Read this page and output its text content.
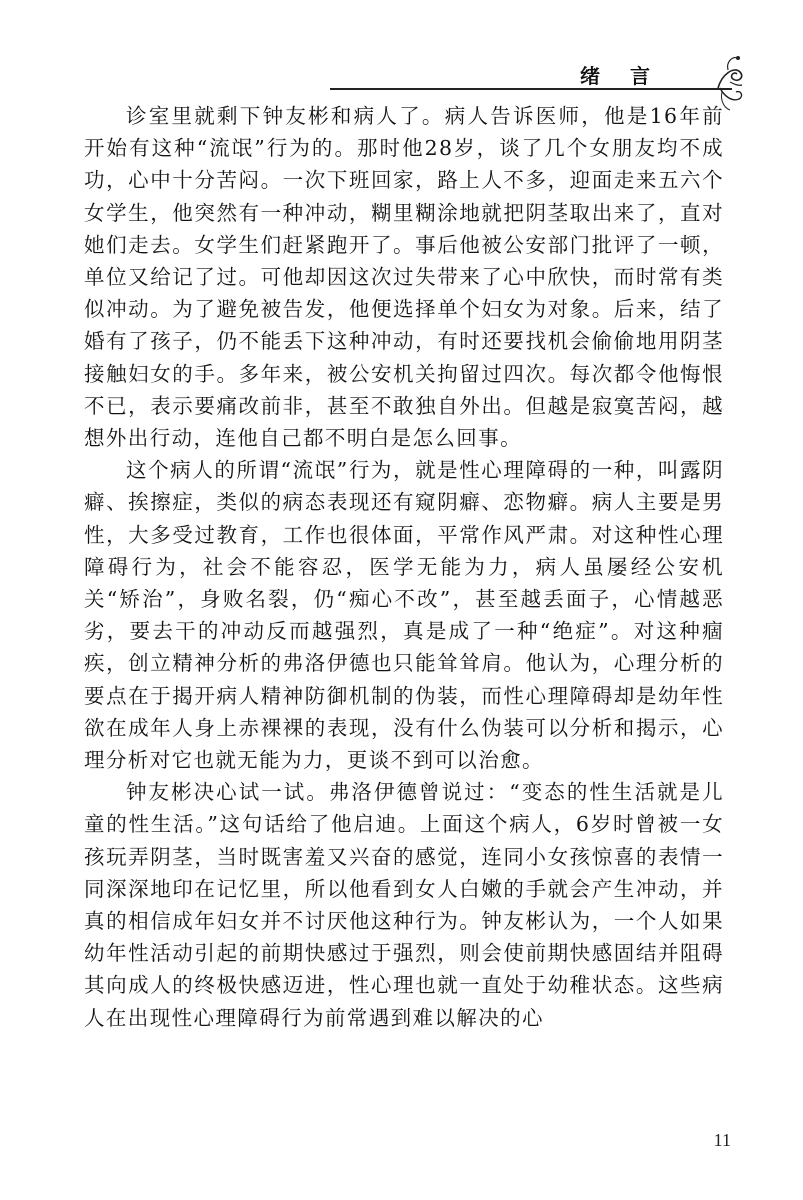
绪言

诊室里就剩下钟友彬和病人了。病人告诉医师，他是16年前开始有这种“流氓”行为的。那时他28岁，谈了几个女朋友均不成功，心中十分苦闷。一次下班回家，路上人不多，迎面走来五六个女学生，他突然有一种冲动，糊里糊涂地就把阴茎取出来了，直对她们走去。女学生们赶紧跑开了。事后他被公安部门批评了一顿，单位又给记了过。可他却因这次过失带来了心中欣快，而时常有类似冲动。为了避免被告发，他便选择单个妇女为对象。后来，结了婚有了孩子，仍不能丢下这种冲动，有时还要找机会偷偷地用阴茎接触妇女的手。多年来，被公安机关拘留过四次。每次都令他悔恨不已，表示要痛改前非，甚至不敢独自外出。但越是寂寞苦闷，越想外出行动，连他自己都不明白是怎么回事。

这个病人的所谓“流氓”行为，就是性心理障碍的一种，叫露阴癖、挨擦症，类似的病态表现还有窥阴癖、恋物癖。病人主要是男性，大多受过教育，工作也很体面，平常作风严肃。对这种性心理障碍行为，社会不能容忍，医学无能为力，病人虽屡经公安机关“矫治”，身败名裂，仍“痴心不改”，甚至越丢面子，心情越恶劣，要去干的冲动反而越强烈，真是成了一种“绝症”。对这种痼疾，创立精神分析的弗洛伊德也只能耸耸肩。他认为，心理分析的要点在于揭开病人精神防御机制的伪装，而性心理障碍却是幼年性欲在成年人身上赤裸裸的表现，没有什么伪装可以分析和揭示，心理分析对它也就无能为力，更谈不到可以治愈。

钟友彬决心试一试。弗洛伊德曾说过：“变态的性生活就是儿童的性生活。”这句话给了他启迪。上面这个病人，6岁时曾被一女孩玩弄阴茎，当时既害羞又兴奋的感觉，连同小女孩惊喜的表情一同深深地印在记忆里，所以他看到女人白嫩的手就会产生冲动，并真的相信成年妇女并不讨厌他这种行为。钟友彬认为，一个人如果幼年性活动引起的前期快感过于强烈，则会使前期快感固结并阻碍其向成人的终极快感迈进，性心理也就一直处于幼稚状态。这些病人在出现性心理障碍行为前常遇到难以解决的心

11
